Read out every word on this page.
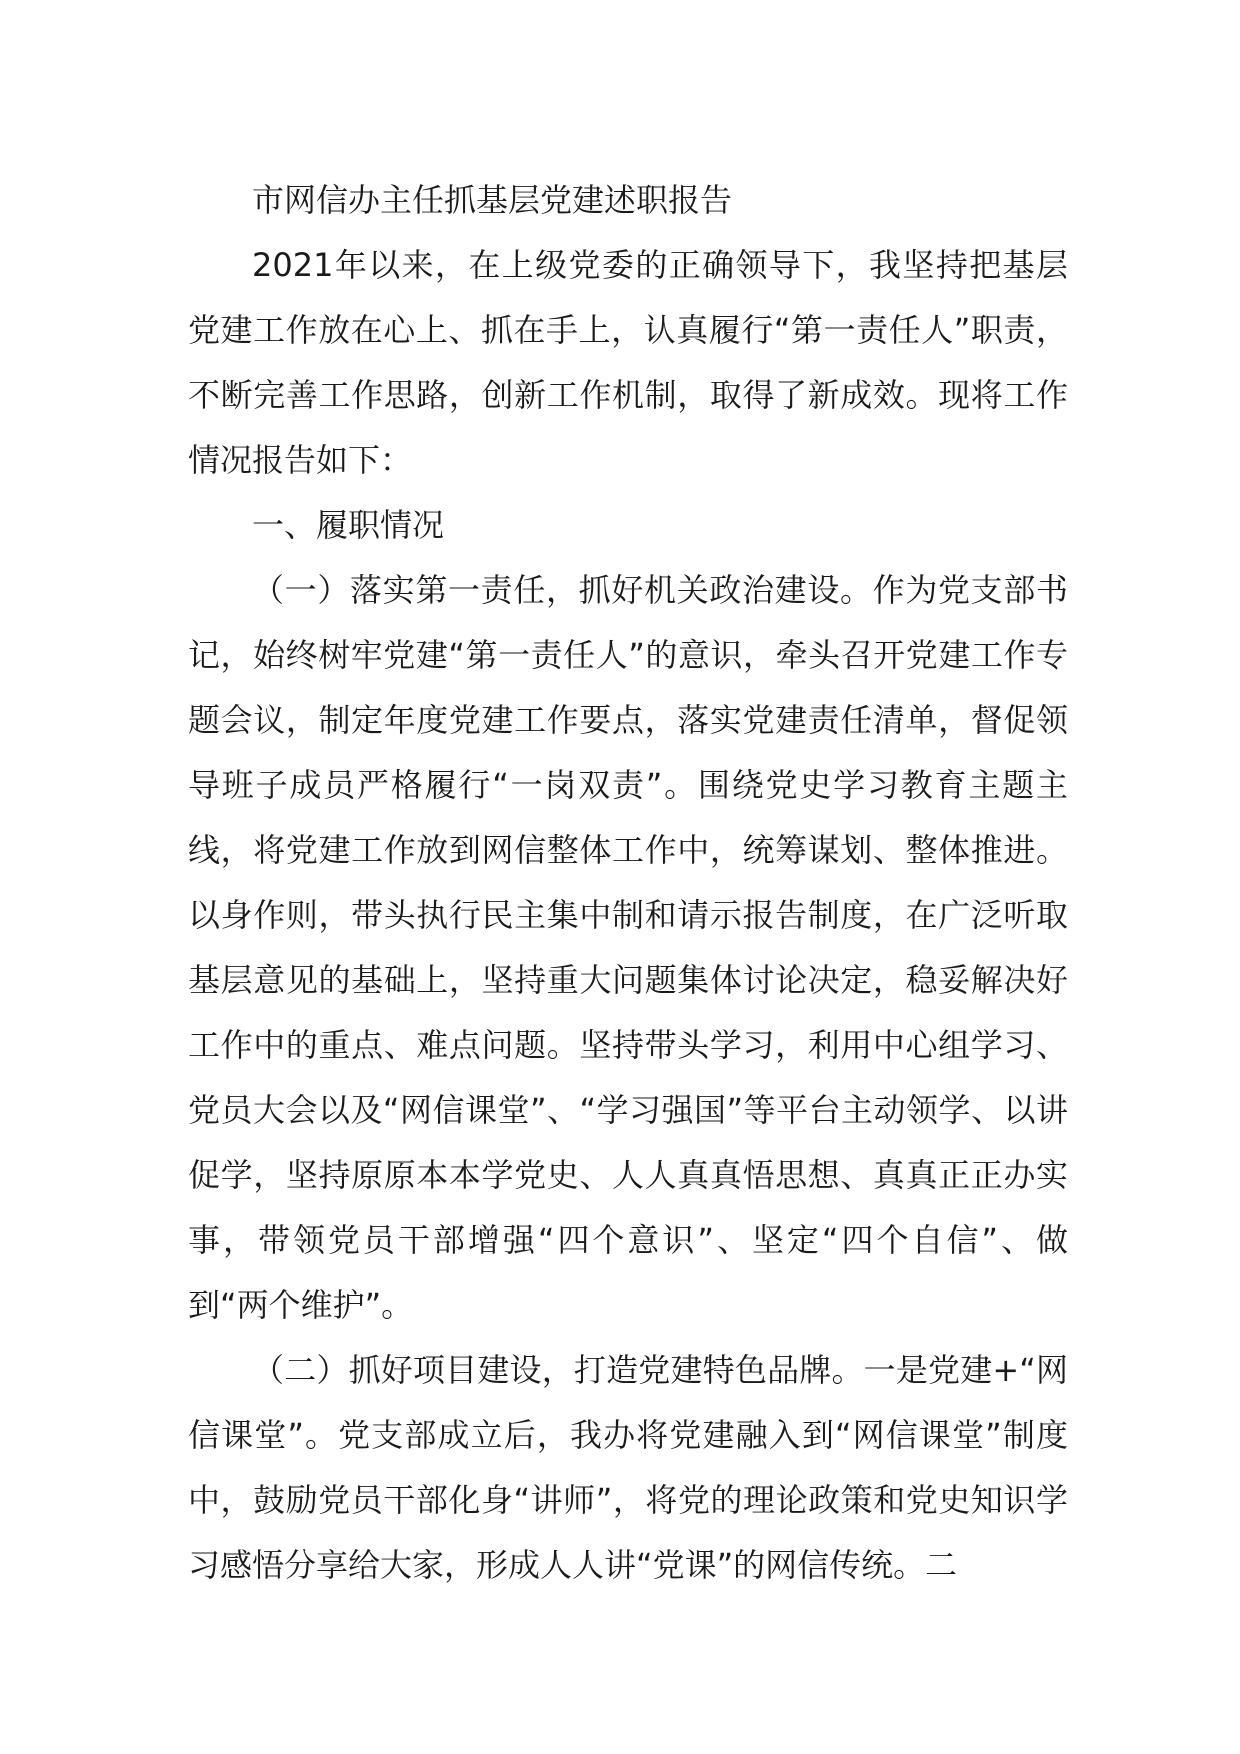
市网信办主任抓基层党建述职报告

2021年以来，在上级党委的正确领导下，我坚持把基层党建工作放在心上、抓在手上，认真履行“第一责任人”职责，不断完善工作思路，创新工作机制，取得了新成效。现将工作情况报告如下：

一、履职情况

（一）落实第一责任，抓好机关政治建设。作为党支部书记，始终树牢党建“第一责任人”的意识，牵头召开党建工作专题会议，制定年度党建工作要点，落实党建责任清单，督促领导班子成员严格履行“一岗双责”。围绕党史学习教育主题主线，将党建工作放到网信整体工作中，统筹谋划、整体推进。以身作则，带头执行民主集中制和请示报告制度，在广泛听取基层意见的基础上，坚持重大问题集体讨论决定，稳妥解决好工作中的重点、难点问题。坚持带头学习，利用中心组学习、党员大会以及“网信课堂”、“学习强国”等平台主动领学、以讲促学，坚持原原本本学党史、人人真真悟思想、真真正正办实事，带领党员干部增强“四个意识”、坚定“四个自信”、做到“两个维护”。

（二）抓好项目建设，打造党建特色品牌。一是党建+“网信课堂”。党支部成立后，我办将党建融入到“网信课堂”制度中，鼓励党员干部化身“讲师”，将党的理论政策和党史知识学习感悟分享给大家，形成人人讲“党课”的网信传统。二
